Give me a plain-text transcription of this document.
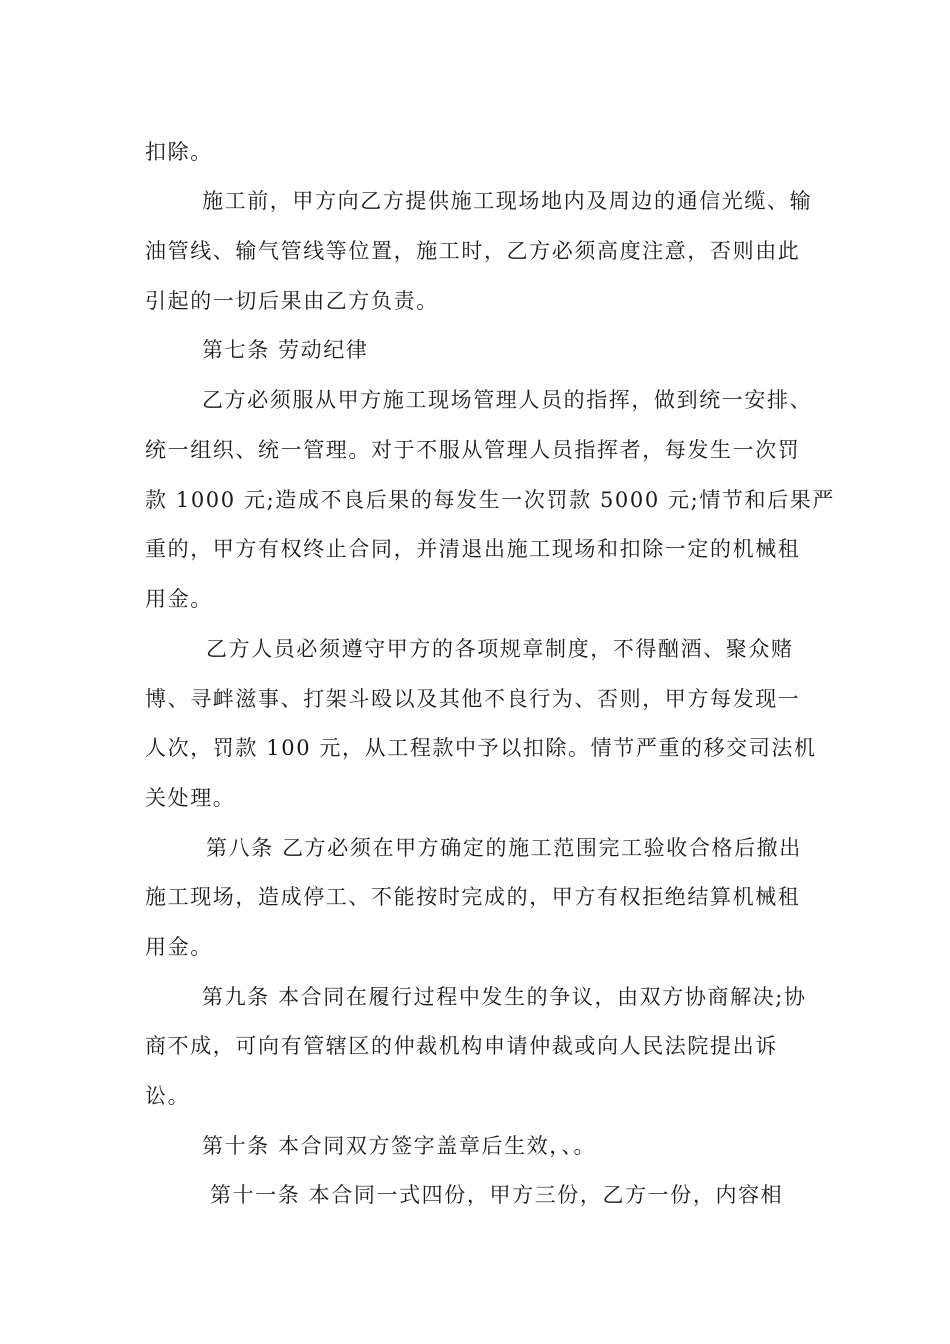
扣除。
施工前，甲方向乙方提供施工现场地内及周边的通信光缆、输
油管线、输气管线等位置，施工时，乙方必须高度注意，否则由此
引起的一切后果由乙方负责。
第七条 劳动纪律
乙方必须服从甲方施工现场管理人员的指挥，做到统一安排、
统一组织、统一管理。对于不服从管理人员指挥者，每发生一次罚
款 1000 元;造成不良后果的每发生一次罚款 5000 元;情节和后果严
重的，甲方有权终止合同，并清退出施工现场和扣除一定的机械租
用金。
乙方人员必须遵守甲方的各项规章制度，不得酗酒、聚众赌
博、寻衅滋事、打架斗殴以及其他不良行为、否则，甲方每发现一
人次，罚款 100 元，从工程款中予以扣除。情节严重的移交司法机
关处理。
第八条 乙方必须在甲方确定的施工范围完工验收合格后撤出
施工现场，造成停工、不能按时完成的，甲方有权拒绝结算机械租
用金。
第九条 本合同在履行过程中发生的争议，由双方协商解决;协
商不成，可向有管辖区的仲裁机构申请仲裁或向人民法院提出诉
讼。
第十条 本合同双方签字盖章后生效，、。
第十一条 本合同一式四份，甲方三份，乙方一份，内容相
